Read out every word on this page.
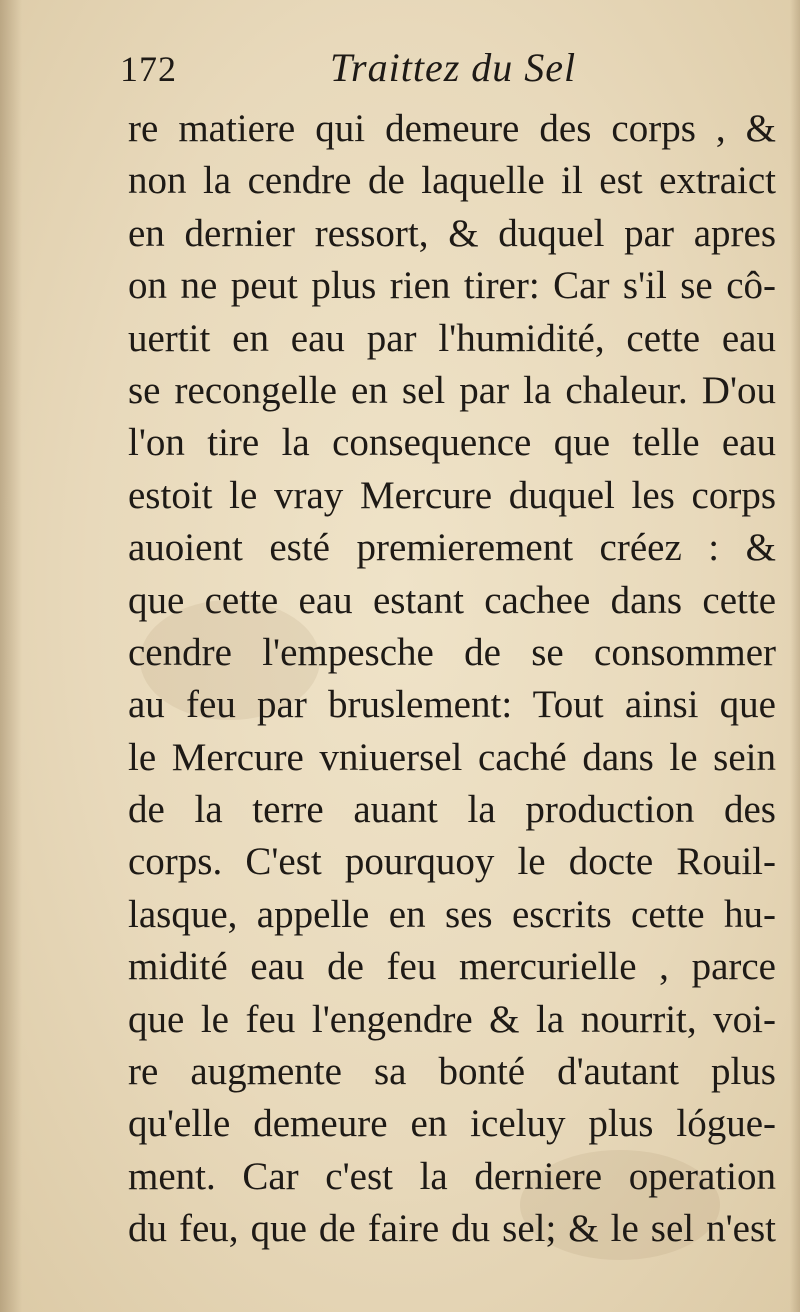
172	Traittez du Sel
re matiere qui demeure des corps , &
non la cendre de laquelle il est extraict
en dernier ressort, & duquel par apres
on ne peut plus rien tirer: Car s'il se cô-
uertit en eau par l'humidité, cette eau
se recongelle en sel par la chaleur. D'ou
l'on tire la consequence que telle eau
estoit le vray Mercure duquel les corps
auoient esté premierement créez : &
que cette eau estant cachee dans cette
cendre l'empesche de se consommer
au feu par bruslement: Tout ainsi que
le Mercure vniuersel caché dans le sein
de la terre auant la production des
corps. C'est pourquoy le docte Rouil-
lasque, appelle en ses escrits cette hu-
midité eau de feu mercurielle , parce
que le feu l'engendre & la nourrit, voi-
re augmente sa bonté d'autant plus
qu'elle demeure en iceluy plus lógue-
ment. Car c'est la derniere operation
du feu, que de faire du sel; & le sel n'est
